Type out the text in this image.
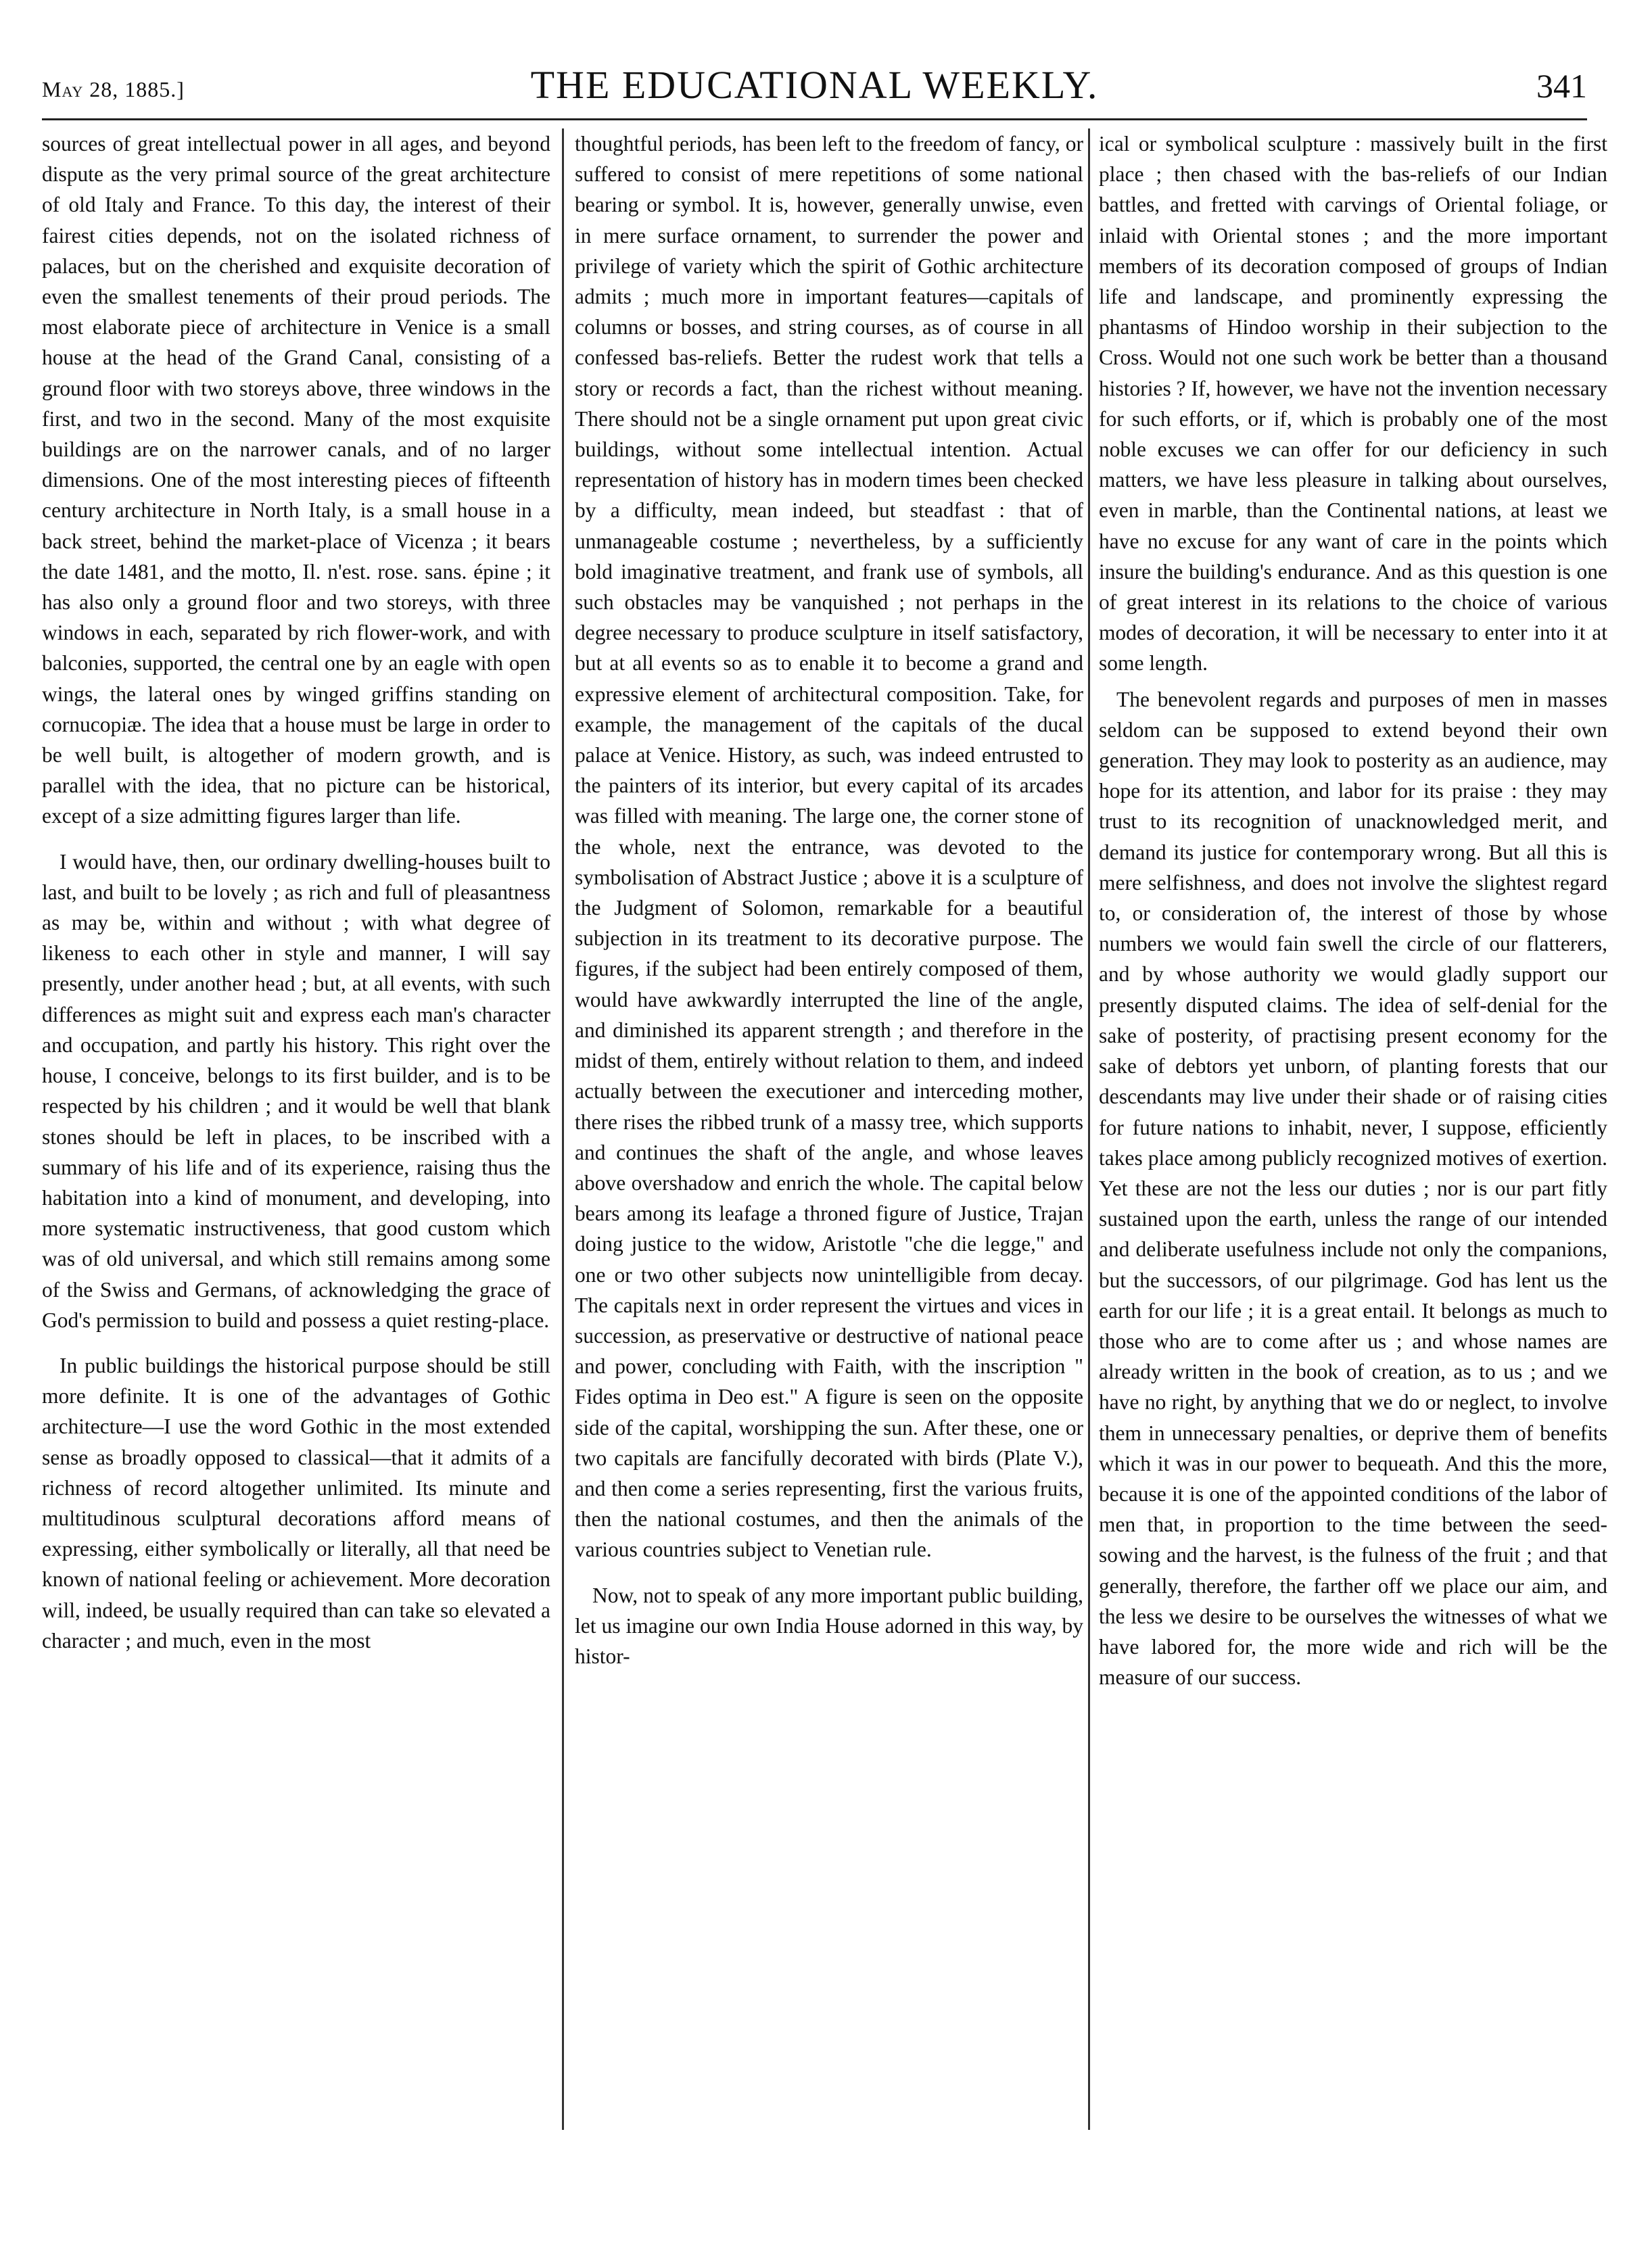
May 28, 1885.]	THE EDUCATIONAL WEEKLY.	341

sources of great intellectual power in all ages, and beyond dispute as the very primal source of the great architecture of old Italy and France. To this day, the interest of their fairest cities depends, not on the isolated richness of palaces, but on the cherished and exquisite decoration of even the smallest tenements of their proud periods. The most elaborate piece of architecture in Venice is a small house at the head of the Grand Canal, consisting of a ground floor with two storeys above, three windows in the first, and two in the second. Many of the most exquisite buildings are on the narrower canals, and of no larger dimensions. One of the most interesting pieces of fifteenth century architecture in North Italy, is a small house in a back street, behind the market-place of Vicenza ; it bears the date 1481, and the motto, Il. n'est. rose. sans. épine ; it has also only a ground floor and two storeys, with three windows in each, separated by rich flower-work, and with balconies, supported, the central one by an eagle with open wings, the lateral ones by winged griffins standing on cornucopiæ. The idea that a house must be large in order to be well built, is altogether of modern growth, and is parallel with the idea, that no picture can be historical, except of a size admitting figures larger than life.

I would have, then, our ordinary dwelling-houses built to last, and built to be lovely ; as rich and full of pleasantness as may be, within and without ; with what degree of likeness to each other in style and manner, I will say presently, under another head ; but, at all events, with such differences as might suit and express each man's character and occupation, and partly his history. This right over the house, I conceive, belongs to its first builder, and is to be respected by his children ; and it would be well that blank stones should be left in places, to be inscribed with a summary of his life and of its experience, raising thus the habitation into a kind of monument, and developing, into more systematic instructiveness, that good custom which was of old universal, and which still remains among some of the Swiss and Germans, of acknowledging the grace of God's permission to build and possess a quiet resting-place.

In public buildings the historical purpose should be still more definite. It is one of the advantages of Gothic architecture—I use the word Gothic in the most extended sense as broadly opposed to classical—that it admits of a richness of record altogether unlimited. Its minute and multitudinous sculptural decorations afford means of expressing, either symbolically or literally, all that need be known of national feeling or achievement. More decoration will, indeed, be usually required than can take so elevated a character ; and much, even in the most

thoughtful periods, has been left to the freedom of fancy, or suffered to consist of mere repetitions of some national bearing or symbol. It is, however, generally unwise, even in mere surface ornament, to surrender the power and privilege of variety which the spirit of Gothic architecture admits ; much more in important features—capitals of columns or bosses, and string courses, as of course in all confessed bas-reliefs. Better the rudest work that tells a story or records a fact, than the richest without meaning. There should not be a single ornament put upon great civic buildings, without some intellectual intention. Actual representation of history has in modern times been checked by a difficulty, mean indeed, but steadfast : that of unmanageable costume ; nevertheless, by a sufficiently bold imaginative treatment, and frank use of symbols, all such obstacles may be vanquished ; not perhaps in the degree necessary to produce sculpture in itself satisfactory, but at all events so as to enable it to become a grand and expressive element of architectural composition. Take, for example, the management of the capitals of the ducal palace at Venice. History, as such, was indeed entrusted to the painters of its interior, but every capital of its arcades was filled with meaning. The large one, the corner stone of the whole, next the entrance, was devoted to the symbolisation of Abstract Justice ; above it is a sculpture of the Judgment of Solomon, remarkable for a beautiful subjection in its treatment to its decorative purpose. The figures, if the subject had been entirely composed of them, would have awkwardly interrupted the line of the angle, and diminished its apparent strength ; and therefore in the midst of them, entirely without relation to them, and indeed actually between the executioner and interceding mother, there rises the ribbed trunk of a massy tree, which supports and continues the shaft of the angle, and whose leaves above overshadow and enrich the whole. The capital below bears among its leafage a throned figure of Justice, Trajan doing justice to the widow, Aristotle "che die legge," and one or two other subjects now unintelligible from decay. The capitals next in order represent the virtues and vices in succession, as preservative or destructive of national peace and power, concluding with Faith, with the inscription " Fides optima in Deo est." A figure is seen on the opposite side of the capital, worshipping the sun. After these, one or two capitals are fancifully decorated with birds (Plate V.), and then come a series representing, first the various fruits, then the national costumes, and then the animals of the various countries subject to Venetian rule.

Now, not to speak of any more important public building, let us imagine our own India House adorned in this way, by histor-

ical or symbolical sculpture : massively built in the first place ; then chased with the bas-reliefs of our Indian battles, and fretted with carvings of Oriental foliage, or inlaid with Oriental stones ; and the more important members of its decoration composed of groups of Indian life and landscape, and prominently expressing the phantasms of Hindoo worship in their subjection to the Cross. Would not one such work be better than a thousand histories ? If, however, we have not the invention necessary for such efforts, or if, which is probably one of the most noble excuses we can offer for our deficiency in such matters, we have less pleasure in talking about ourselves, even in marble, than the Continental nations, at least we have no excuse for any want of care in the points which insure the building's endurance. And as this question is one of great interest in its relations to the choice of various modes of decoration, it will be necessary to enter into it at some length.

The benevolent regards and purposes of men in masses seldom can be supposed to extend beyond their own generation. They may look to posterity as an audience, may hope for its attention, and labor for its praise : they may trust to its recognition of unacknowledged merit, and demand its justice for contemporary wrong. But all this is mere selfishness, and does not involve the slightest regard to, or consideration of, the interest of those by whose numbers we would fain swell the circle of our flatterers, and by whose authority we would gladly support our presently disputed claims. The idea of self-denial for the sake of posterity, of practising present economy for the sake of debtors yet unborn, of planting forests that our descendants may live under their shade or of raising cities for future nations to inhabit, never, I suppose, efficiently takes place among publicly recognized motives of exertion. Yet these are not the less our duties ; nor is our part fitly sustained upon the earth, unless the range of our intended and deliberate usefulness include not only the companions, but the successors, of our pilgrimage. God has lent us the earth for our life ; it is a great entail. It belongs as much to those who are to come after us ; and whose names are already written in the book of creation, as to us ; and we have no right, by anything that we do or neglect, to involve them in unnecessary penalties, or deprive them of benefits which it was in our power to bequeath. And this the more, because it is one of the appointed conditions of the labor of men that, in proportion to the time between the seed-sowing and the harvest, is the fulness of the fruit ; and that generally, therefore, the farther off we place our aim, and the less we desire to be ourselves the witnesses of what we have labored for, the more wide and rich will be the measure of our success.
